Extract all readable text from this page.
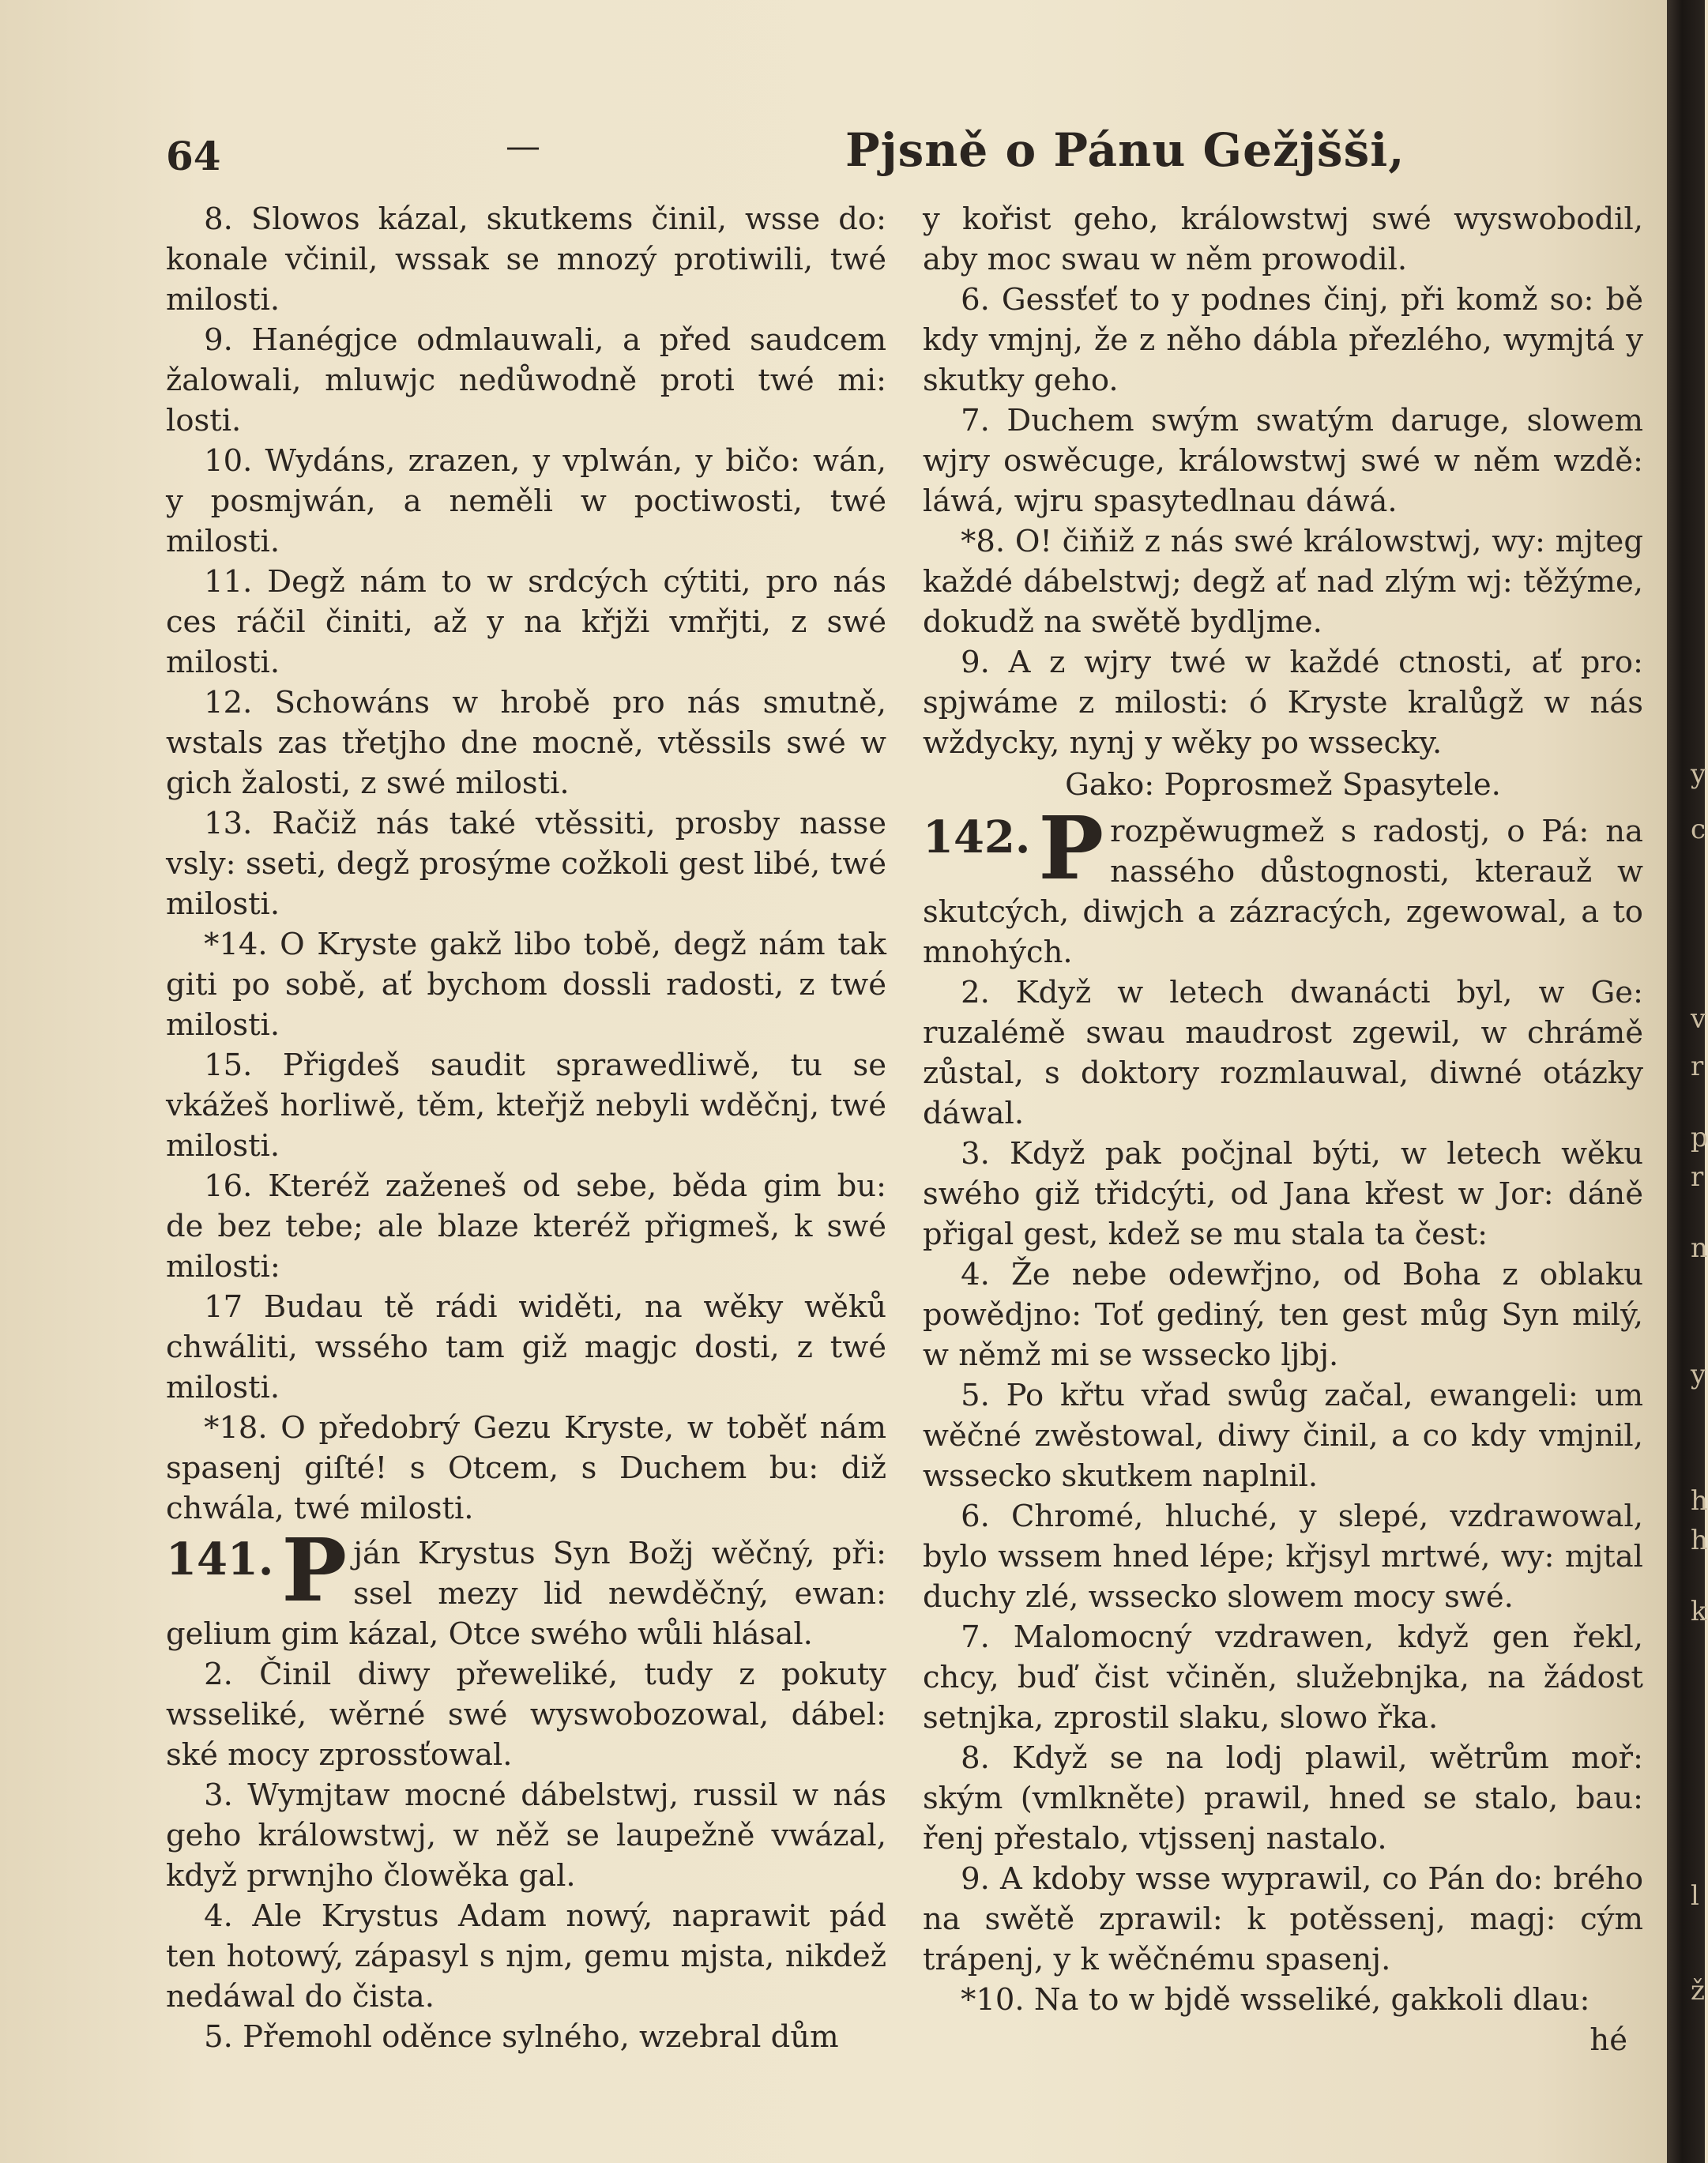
64	—	Pjsně o Pánu Gežjšši,

8. Slowos kázal, skutkems činil, wsse do: konale včinil, wssak se mnozý protiwili, twé milosti.

9. Hanégjce odmlauwali, a před saudcem žalowali, mluwjc nedůwodně proti twé mi: losti.

10. Wydáns, zrazen, y vplwán, y bičo: wán, y posmjwán, a neměli w poctiwosti, twé milosti.

11. Degž nám to w srdcých cýtiti, pro nás ces ráčil činiti, až y na křjži vmřjti, z swé milosti.

12. Schowáns w hrobě pro nás smutně, wstals zas třetjho dne mocně, vtěssils swé w gich žalosti, z swé milosti.

13. Račiž nás také vtěssiti, prosby nasse vsly: sseti, degž prosýme cožkoli gest libé, twé milosti.

*14. O Kryste gakž libo tobě, degž nám tak giti po sobě, ať bychom dossli radosti, z twé milosti.

15. Přigdeš saudit sprawedliwě, tu se vkážeš horliwě, těm, kteřjž nebyli wděčnj, twé milosti.

16. Kteréž zaženeš od sebe, běda gim bu: de bez tebe; ale blaze kteréž přigmeš, k swé milosti:

17 Budau tě rádi widěti, na wěky wěků chwáliti, wssého tam giž magjc dosti, z twé milosti.

*18. O předobrý Gezu Kryste, w toběť nám spasenj giſté! s Otcem, s Duchem bu: diž chwála, twé milosti.

141. P ján Krystus Syn Božj wěčný, při: ssel mezy lid newděčný, ewan: gelium gim kázal, Otce swého wůli hlásal.

2. Činil diwy přeweliké, tudy z pokuty wsseliké, wěrné swé wyswobozowal, dábel: ské mocy zprossťowal.

3. Wymjtaw mocné dábelstwj, russil w nás geho králowstwj, w něž se laupežně vwázal, když prwnjho člowěka gal.

4. Ale Krystus Adam nowý, naprawit pád ten hotowý, zápasyl s njm, gemu mjsta, nikdež nedáwal do čista.

5. Přemohl oděnce sylného, wzebral dům

y kořist geho, králowstwj swé wyswobodil, aby moc swau w něm prowodil.

6. Gessťeť to y podnes činj, při komž so: bě kdy vmjnj, že z něho dábla přezlého, wymjtá y skutky geho.

7. Duchem swým swatým daruge, slowem wjry oswěcuge, králowstwj swé w něm wzdě: láwá, wjru spasytedlnau dáwá.

*8. O! čiňiž z nás swé králowstwj, wy: mjteg každé dábelstwj; degž ať nad zlým wj: těžýme, dokudž na swětě bydljme.

9. A z wjry twé w každé ctnosti, ať pro: spjwáme z milosti: ó Kryste kralůgž w nás wždycky, nynj y wěky po wssecky.

Gako: Poprosmež Spasytele.

142. P rozpěwugmež s radostj, o Pá: na nassého důstognosti, kterauž w skutcých, diwjch a zázracých, zgewowal, a to mnohých.

2. Když w letech dwanácti byl, w Ge: ruzalémě swau maudrost zgewil, w chrámě zůstal, s doktory rozmlauwal, diwné otázky dáwal.

3. Když pak počjnal býti, w letech wěku swého giž třidcýti, od Jana křest w Jor: dáně přigal gest, kdež se mu stala ta čest:

4. Že nebe odewřjno, od Boha z oblaku powědjno: Toť gediný, ten gest můg Syn milý, w němž mi se wssecko ljbj.

5. Po křtu vřad swůg začal, ewangeli: um wěčné zwěstowal, diwy činil, a co kdy vmjnil, wssecko skutkem naplnil.

6. Chromé, hluché, y slepé, vzdrawowal, bylo wssem hned lépe; křjsyl mrtwé, wy: mjtal duchy zlé, wssecko slowem mocy swé.

7. Malomocný vzdrawen, když gen řekl, chcy, buď čist včiněn, služebnjka, na žádost setnjka, zprostil slaku, slowo řka.

8. Když se na lodj plawil, wětrům moř: ským (vmlkněte) prawil, hned se stalo, bau: řenj přestalo, vtjssenj nastalo.

9. A kdoby wsse wyprawil, co Pán do: brého na swětě zprawil: k potěssenj, magj: cým trápenj, y k wěčnému spasenj.

*10. Na to w bjdě wsseliké, gakkoli dlau:

hé

y
c
v
r
p
r
n
y
h
h
k
l
ž
